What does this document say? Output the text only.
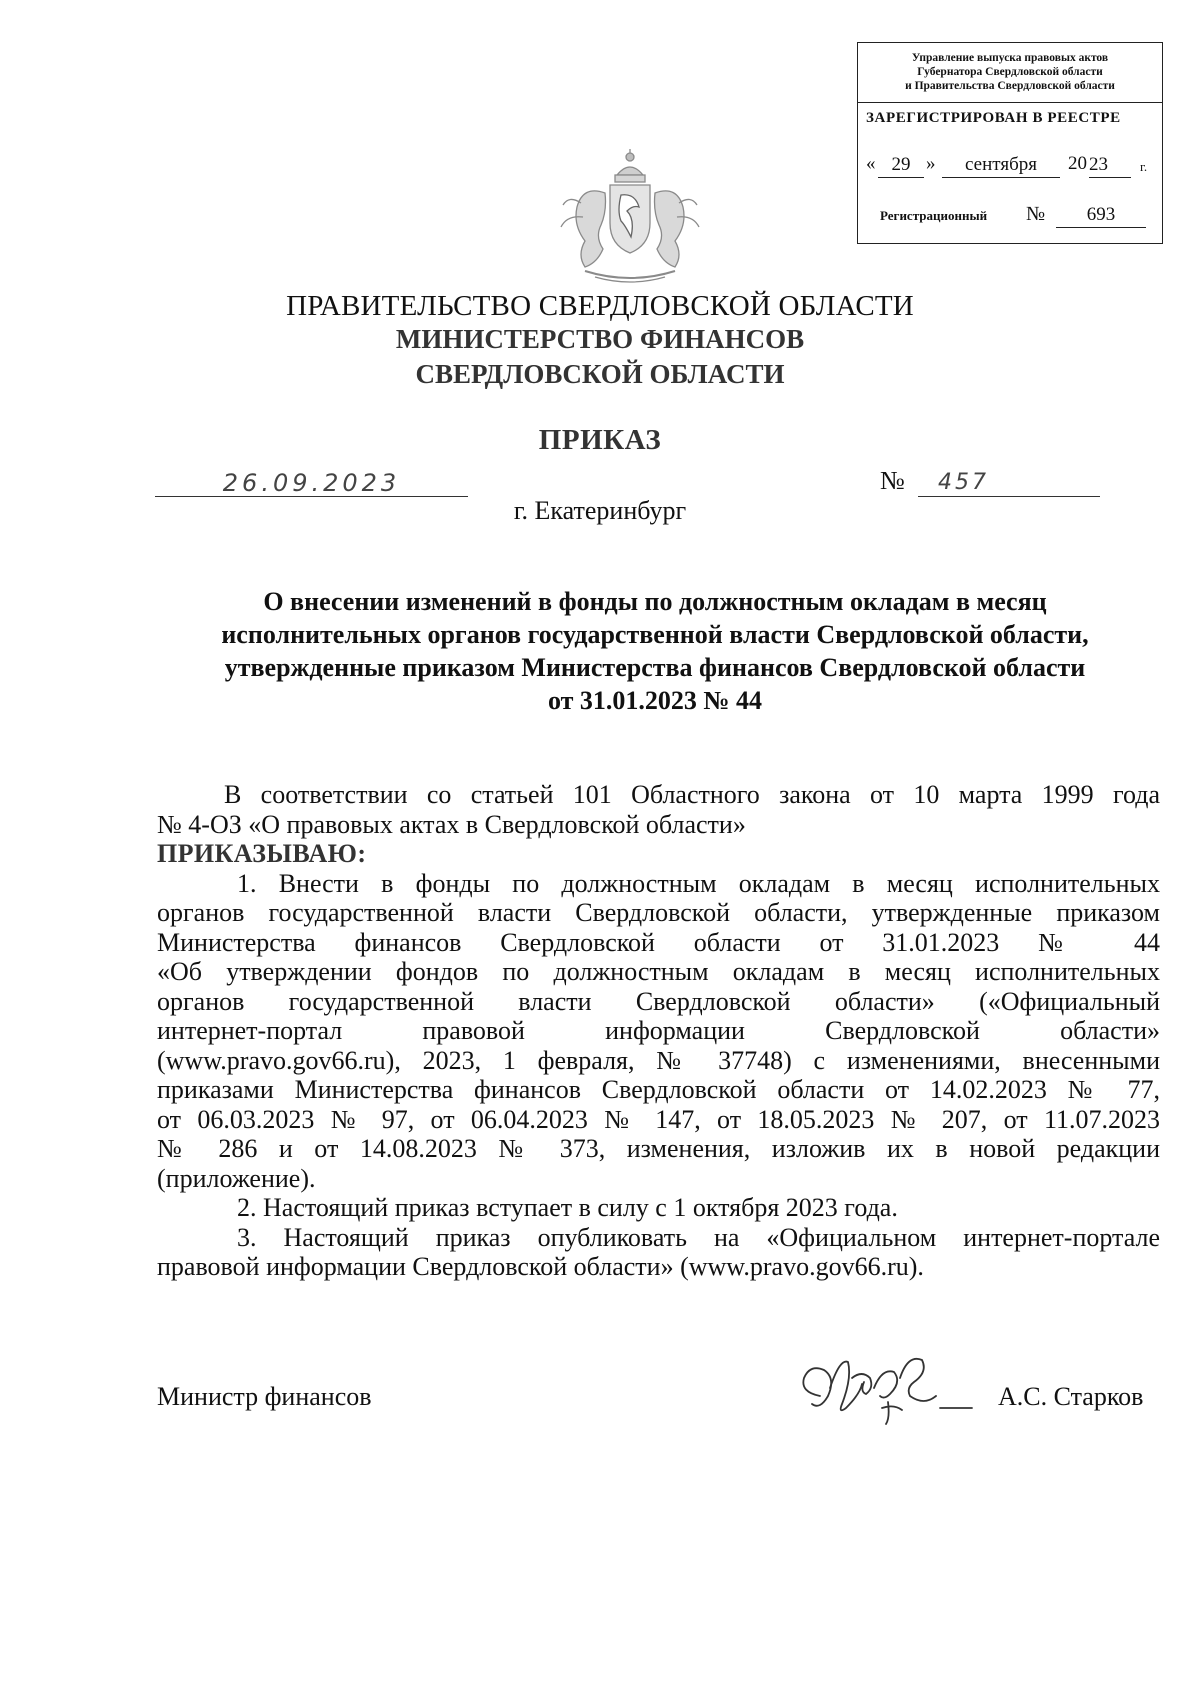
Управление выпуска правовых актов
Губернатора Свердловской области
и Правительства Свердловской области
ЗАРЕГИСТРИРОВАН В РЕЕСТРЕ
« 29 »	сентября	20 23	г.
Регистрационный №	693
ПРАВИТЕЛЬСТВО СВЕРДЛОВСКОЙ ОБЛАСТИ
МИНИСТЕРСТВО ФИНАНСОВ
СВЕРДЛОВСКОЙ ОБЛАСТИ
ПРИКАЗ
26.09.2023	№	457
г. Екатеринбург
О внесении изменений в фонды по должностным окладам в месяц
исполнительных органов государственной власти Свердловской области,
утвержденные приказом Министерства финансов Свердловской области
от 31.01.2023 № 44
В соответствии со статьей 101 Областного закона от 10 марта 1999 года
№ 4-ОЗ «О правовых актах в Свердловской области»
ПРИКАЗЫВАЮ:
1. Внести в фонды по должностным окладам в месяц исполнительных
органов государственной власти Свердловской области, утвержденные приказом
Министерства финансов Свердловской области от 31.01.2023 № 44
«Об утверждении фондов по должностным окладам в месяц исполнительных
органов государственной власти Свердловской области» («Официальный
интернет-портал правовой информации Свердловской области»
(www.pravo.gov66.ru), 2023, 1 февраля, № 37748) с изменениями, внесенными
приказами Министерства финансов Свердловской области от 14.02.2023 № 77,
от 06.03.2023 № 97, от 06.04.2023 № 147, от 18.05.2023 № 207, от 11.07.2023
№ 286 и от 14.08.2023 № 373, изменения, изложив их в новой редакции
(приложение).
2. Настоящий приказ вступает в силу с 1 октября 2023 года.
3. Настоящий приказ опубликовать на «Официальном интернет-портале
правовой информации Свердловской области» (www.pravo.gov66.ru).
Министр финансов	А.С. Старков
